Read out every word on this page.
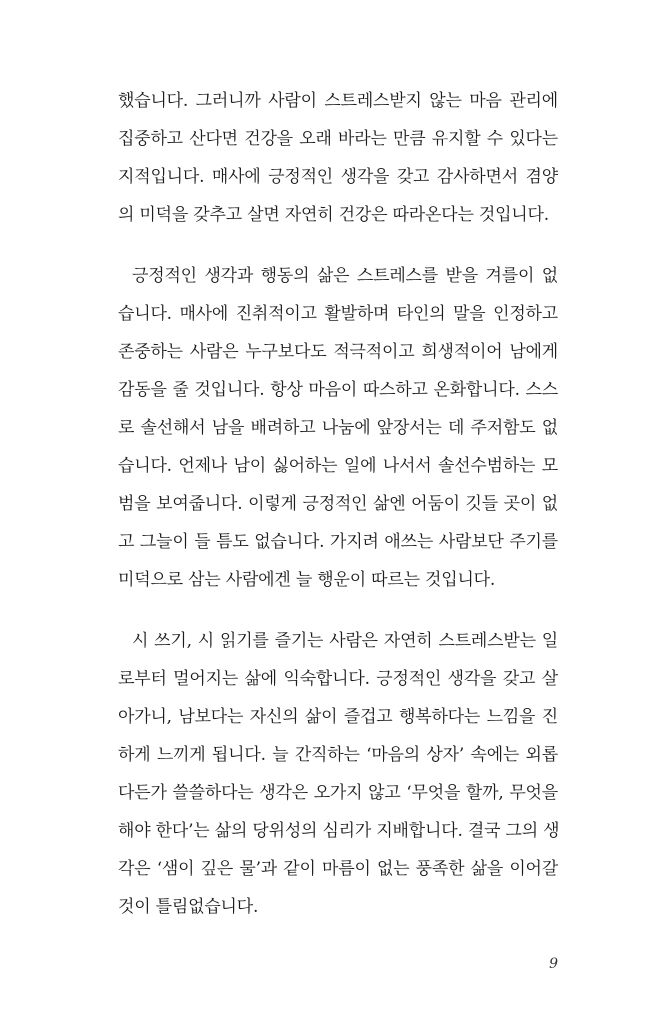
했습니다. 그러니까 사람이 스트레스받지 않는 마음 관리에
집중하고 산다면 건강을 오래 바라는 만큼 유지할 수 있다는
지적입니다. 매사에 긍정적인 생각을 갖고 감사하면서 겸양
의 미덕을 갖추고 살면 자연히 건강은 따라온다는 것입니다.
긍정적인 생각과 행동의 삶은 스트레스를 받을 겨를이 없
습니다. 매사에 진취적이고 활발하며 타인의 말을 인정하고
존중하는 사람은 누구보다도 적극적이고 희생적이어 남에게
감동을 줄 것입니다. 항상 마음이 따스하고 온화합니다. 스스
로 솔선해서 남을 배려하고 나눔에 앞장서는 데 주저함도 없
습니다. 언제나 남이 싫어하는 일에 나서서 솔선수범하는 모
범을 보여줍니다. 이렇게 긍정적인 삶엔 어둠이 깃들 곳이 없
고 그늘이 들 틈도 없습니다. 가지려 애쓰는 사람보단 주기를
미덕으로 삼는 사람에겐 늘 행운이 따르는 것입니다.
시 쓰기, 시 읽기를 즐기는 사람은 자연히 스트레스받는 일
로부터 멀어지는 삶에 익숙합니다. 긍정적인 생각을 갖고 살
아가니, 남보다는 자신의 삶이 즐겁고 행복하다는 느낌을 진
하게 느끼게 됩니다. 늘 간직하는 ‘마음의 상자’ 속에는 외롭
다든가 쓸쓸하다는 생각은 오가지 않고 ‘무엇을 할까, 무엇을
해야 한다’는 삶의 당위성의 심리가 지배합니다. 결국 그의 생
각은 ‘샘이 깊은 물’과 같이 마름이 없는 풍족한 삶을 이어갈
것이 틀림없습니다.
9
